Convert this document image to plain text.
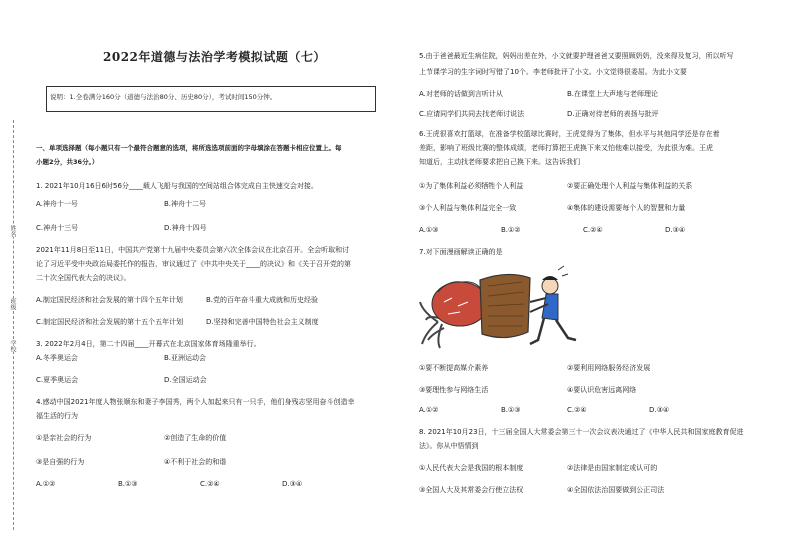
姓名
班级
学校
2022年道德与法治学考模拟试题（七）
说明：1.全卷满分160分（道德与法治80分、历史80分），考试时间150分钟。
一、单项选择题（每小题只有一个最符合题意的选项，将所选选项前面的字母填涂在答题卡相应位置上。每
小题2分，共36分。）
1. 2021年10月16日6时56分____载人飞船与我国的空间站组合体完成自主快速交会对接。
A.神舟十一号	B.神舟十二号
C.神舟十三号	D.神舟十四号
2021年11月8日至11日，中国共产党第十九届中央委员会第六次全体会议在北京召开。全会听取和讨
论了习近平受中央政治局委托作的报告，审议通过了《中共中央关于____的决议》和《关于召开党的第
二十次全国代表大会的决议》。
A.制定国民经济和社会发展的第十四个五年计划	B.党的百年奋斗重大成就和历史经验
C.制定国民经济和社会发展的第十五个五年计划	D.坚持和完善中国特色社会主义制度
3. 2022年2月4日，第二十四届____开幕式在北京国家体育场隆重举行。
A.冬季奥运会	B.亚洲运动会
C.夏季奥运会	D.全国运动会
4.感动中国2021年度人物张顺东和妻子李国秀，两个人加起来只有一只手，他们身残志坚用奋斗创造幸
福生活的行为
①是亲社会的行为	②创造了生命的价值
③是自强的行为	④不利于社会的和谐
A.①②	B.①③	C.②④	D.③④
5.由于爸爸最近生病住院，妈妈出差在外，小文就要护理爸爸又要照顾奶奶，没来得及复习，所以听写
上节课学习的生字词时写错了10个。李老师批评了小文。小文觉得很委屈。为此小文要
A.对老师的话做到言听计从	B.在课堂上大声地与老师理论
C.应请同学们共同去找老师讨说法	D.正确对待老师的表扬与批评
6.王虎很喜欢打篮球，在准备学校篮球比赛时，王虎觉得为了集体，但水平与其他同学还是存在着
差距，影响了班级比赛的整体成绩，老师打算把王虎换下来又怕他难以接受，为此很为难。王虎
知道后，主动找老师要求把自己换下来。这告诉我们
①为了集体利益必须牺牲个人利益	②要正确处理个人利益与集体利益的关系
③个人利益与集体利益完全一致	④集体的建设需要每个人的智慧和力量
A.①③	B.①②	C.②④	D.③④
7.对下面漫画解读正确的是
①要不断提高媒介素养	②要利用网络服务经济发展
③要理性参与网络生活	④要认识危害远离网络
A.①②	B.①③	C.②④	D.③④
8. 2021年10月23日，十三届全国人大常委会第三十一次会议表决通过了《中华人民共和国家庭教育促进
法》。你从中悟情到
①人民代表大会是我国的根本制度	②法律是由国家制定或认可的
③全国人大及其常委会行使立法权	④全国依法治国要做到公正司法
